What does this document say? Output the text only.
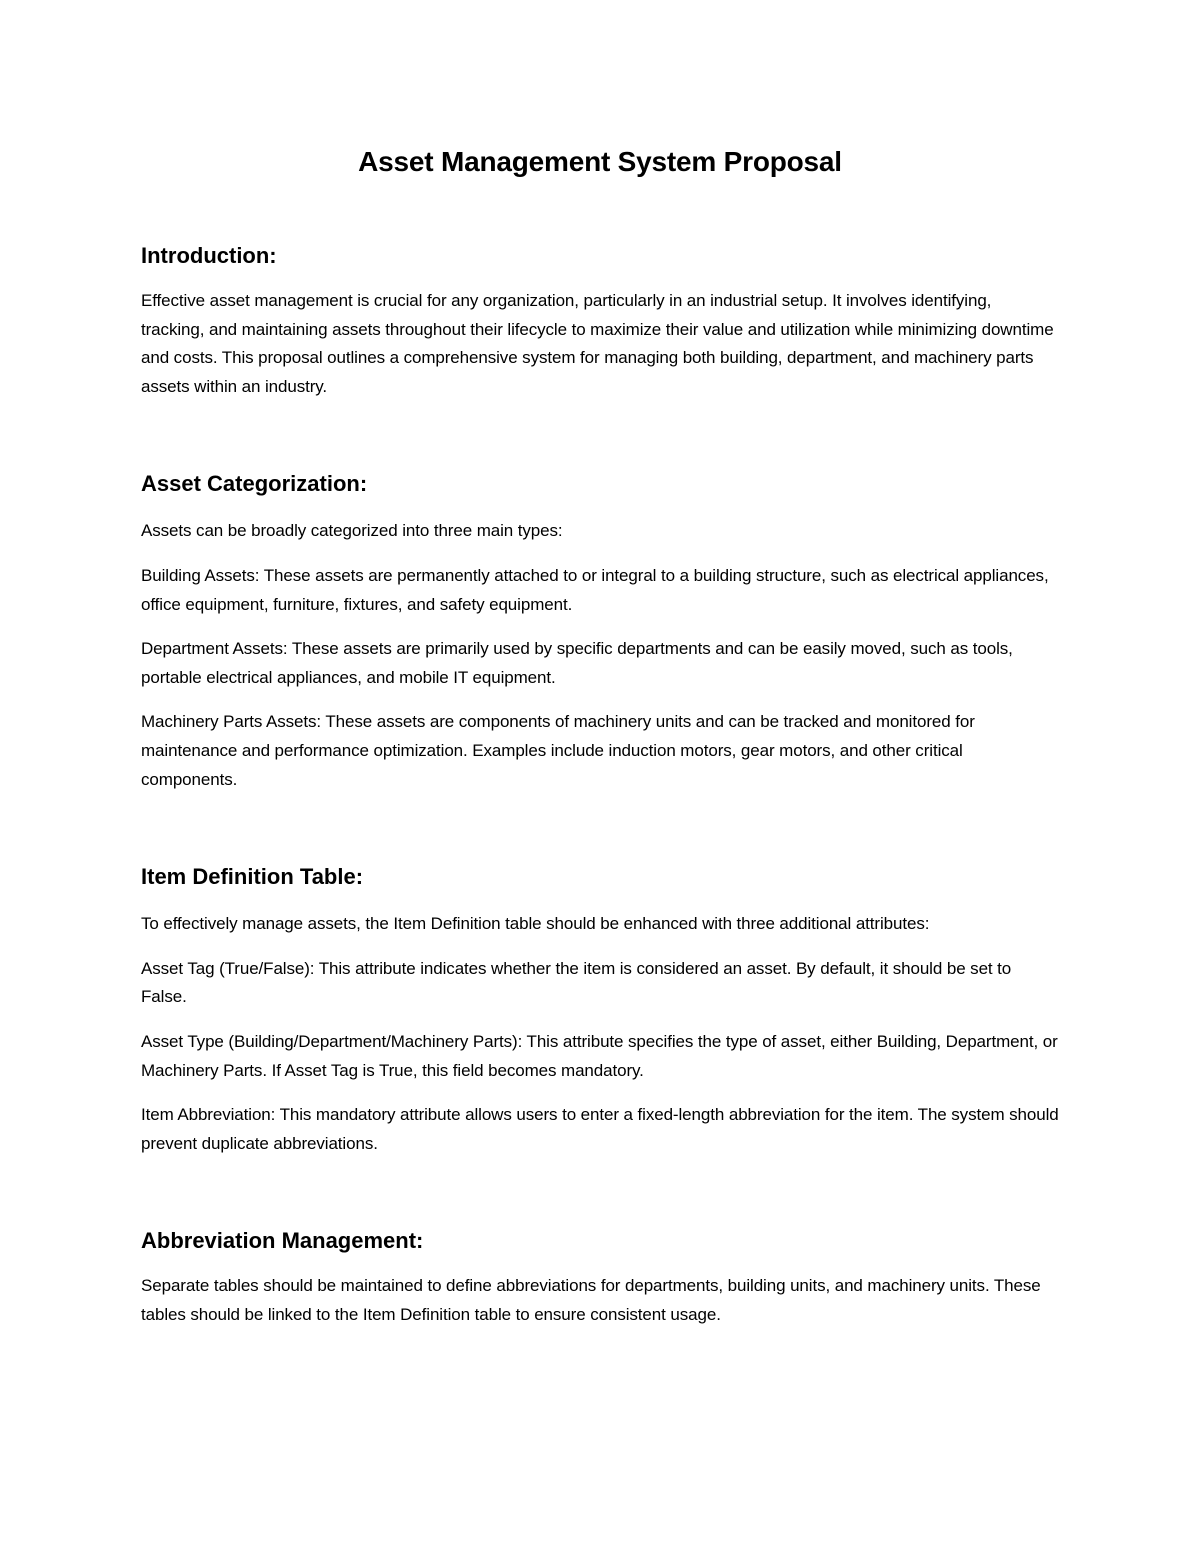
Asset Management System Proposal
Introduction:

Effective asset management is crucial for any organization, particularly in an industrial setup. It involves identifying, tracking, and maintaining assets throughout their lifecycle to maximize their value and utilization while minimizing downtime and costs. This proposal outlines a comprehensive system for managing both building, department, and machinery parts assets within an industry.

Asset Categorization:

Assets can be broadly categorized into three main types:

Building Assets: These assets are permanently attached to or integral to a building structure, such as electrical appliances, office equipment, furniture, fixtures, and safety equipment.

Department Assets: These assets are primarily used by specific departments and can be easily moved, such as tools, portable electrical appliances, and mobile IT equipment.

Machinery Parts Assets: These assets are components of machinery units and can be tracked and monitored for maintenance and performance optimization. Examples include induction motors, gear motors, and other critical components.

Item Definition Table:

To effectively manage assets, the Item Definition table should be enhanced with three additional attributes:

Asset Tag (True/False): This attribute indicates whether the item is considered an asset. By default, it should be set to False.

Asset Type (Building/Department/Machinery Parts): This attribute specifies the type of asset, either Building, Department, or Machinery Parts. If Asset Tag is True, this field becomes mandatory.

Item Abbreviation: This mandatory attribute allows users to enter a fixed-length abbreviation for the item. The system should prevent duplicate abbreviations.

Abbreviation Management:

Separate tables should be maintained to define abbreviations for departments, building units, and machinery units. These tables should be linked to the Item Definition table to ensure consistent usage.
